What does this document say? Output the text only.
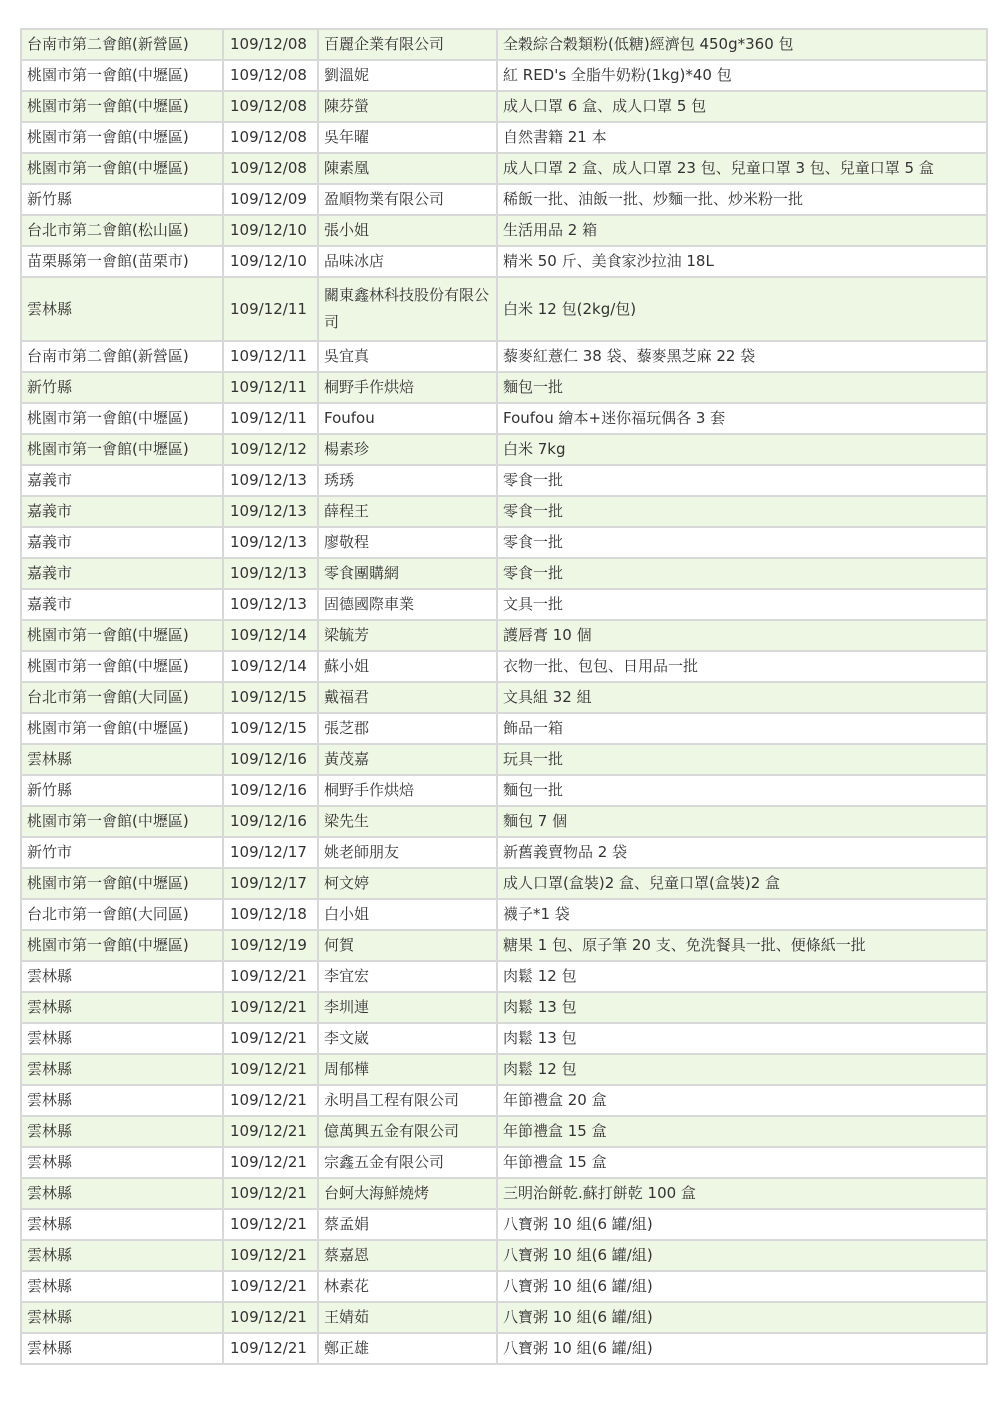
台南市第二會館(新營區)	109/12/08	百麗企業有限公司	全穀綜合穀類粉(低糖)經濟包 450g*360 包
桃園市第一會館(中壢區)	109/12/08	劉溫妮	紅 RED's 全脂牛奶粉(1kg)*40 包
桃園市第一會館(中壢區)	109/12/08	陳芬螢	成人口罩 6 盒、成人口罩 5 包
桃園市第一會館(中壢區)	109/12/08	吳年曜	自然書籍 21 本
桃園市第一會館(中壢區)	109/12/08	陳素凰	成人口罩 2 盒、成人口罩 23 包、兒童口罩 3 包、兒童口罩 5 盒
新竹縣	109/12/09	盈順物業有限公司	稀飯一批、油飯一批、炒麵一批、炒米粉一批
台北市第二會館(松山區)	109/12/10	張小姐	生活用品 2 箱
苗栗縣第一會館(苗栗市)	109/12/10	品味冰店	精米 50 斤、美食家沙拉油 18L
雲林縣	109/12/11	關東鑫林科技股份有限公司	白米 12 包(2kg/包)
台南市第二會館(新營區)	109/12/11	吳宜真	藜麥紅薏仁 38 袋、藜麥黑芝麻 22 袋
新竹縣	109/12/11	桐野手作烘焙	麵包一批
桃園市第一會館(中壢區)	109/12/11	Foufou	Foufou 繪本+迷你福玩偶各 3 套
桃園市第一會館(中壢區)	109/12/12	楊素珍	白米 7kg
嘉義市	109/12/13	琇琇	零食一批
嘉義市	109/12/13	薛程王	零食一批
嘉義市	109/12/13	廖敬程	零食一批
嘉義市	109/12/13	零食團購網	零食一批
嘉義市	109/12/13	固德國際車業	文具一批
桃園市第一會館(中壢區)	109/12/14	梁毓芳	護唇膏 10 個
桃園市第一會館(中壢區)	109/12/14	蘇小姐	衣物一批、包包、日用品一批
台北市第一會館(大同區)	109/12/15	戴福君	文具組 32 組
桃園市第一會館(中壢區)	109/12/15	張芝郡	飾品一箱
雲林縣	109/12/16	黃茂嘉	玩具一批
新竹縣	109/12/16	桐野手作烘焙	麵包一批
桃園市第一會館(中壢區)	109/12/16	梁先生	麵包 7 個
新竹市	109/12/17	姚老師朋友	新舊義賣物品 2 袋
桃園市第一會館(中壢區)	109/12/17	柯文婷	成人口罩(盒裝)2 盒、兒童口罩(盒裝)2 盒
台北市第一會館(大同區)	109/12/18	白小姐	襪子*1 袋
桃園市第一會館(中壢區)	109/12/19	何賀	糖果 1 包、原子筆 20 支、免洗餐具一批、便條紙一批
雲林縣	109/12/21	李宜宏	肉鬆 12 包
雲林縣	109/12/21	李圳連	肉鬆 13 包
雲林縣	109/12/21	李文崴	肉鬆 13 包
雲林縣	109/12/21	周郁樺	肉鬆 12 包
雲林縣	109/12/21	永明昌工程有限公司	年節禮盒 20 盒
雲林縣	109/12/21	億萬興五金有限公司	年節禮盒 15 盒
雲林縣	109/12/21	宗鑫五金有限公司	年節禮盒 15 盒
雲林縣	109/12/21	台蚵大海鮮燒烤	三明治餅乾.蘇打餅乾 100 盒
雲林縣	109/12/21	蔡孟娟	八寶粥 10 組(6 罐/組)
雲林縣	109/12/21	蔡嘉恩	八寶粥 10 組(6 罐/組)
雲林縣	109/12/21	林素花	八寶粥 10 組(6 罐/組)
雲林縣	109/12/21	王婧茹	八寶粥 10 組(6 罐/組)
雲林縣	109/12/21	鄭正雄	八寶粥 10 組(6 罐/組)
